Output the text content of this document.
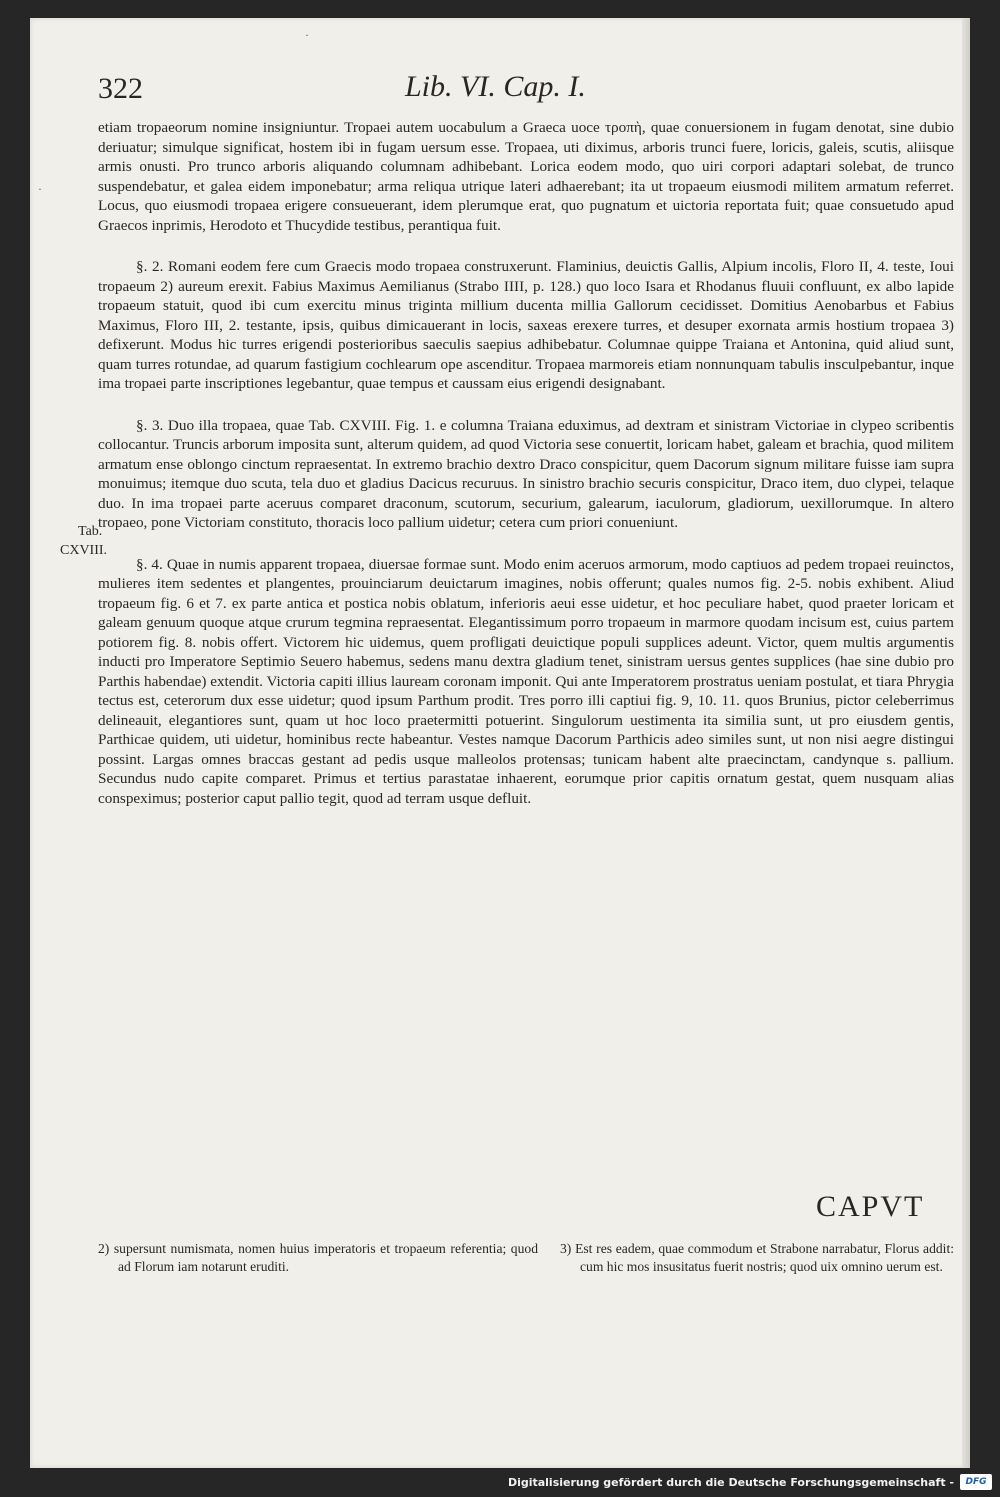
·
·
322	Lib. VI. Cap. I.
Tab.
CXVIII.

etiam tropaeorum nomine insigniuntur. Tropaei autem uocabulum a Graeca uoce τροπὴ, quae conuersionem in fugam denotat, sine dubio deriuatur; simulque significat, hostem ibi in fugam uersum esse. Tropaea, uti diximus, arboris trunci fuere, loricis, galeis, scutis, aliisque armis onusti. Pro trunco arboris aliquando columnam adhibebant. Lorica eodem modo, quo uiri corpori adaptari solebat, de trunco suspendebatur, et galea eidem imponebatur; arma reliqua utrique lateri adhaerebant; ita ut tropaeum eiusmodi militem armatum referret. Locus, quo eiusmodi tropaea erigere consueuerant, idem plerumque erat, quo pugnatum et uictoria reportata fuit; quae consuetudo apud Graecos inprimis, Herodoto et Thucydide testibus, perantiqua fuit.

§. 2. Romani eodem fere cum Graecis modo tropaea construxerunt. Flaminius, deuictis Gallis, Alpium incolis, Floro II, 4. teste, Ioui tropaeum 2) aureum erexit. Fabius Maximus Aemilianus (Strabo IIII, p. 128.) quo loco Isara et Rhodanus fluuii confluunt, ex albo lapide tropaeum statuit, quod ibi cum exercitu minus triginta millium ducenta millia Gallorum cecidisset. Domitius Aenobarbus et Fabius Maximus, Floro III, 2. testante, ipsis, quibus dimicauerant in locis, saxeas erexere turres, et desuper exornata armis hostium tropaea 3) defixerunt. Modus hic turres erigendi posterioribus saeculis saepius adhibebatur. Columnae quippe Traiana et Antonina, quid aliud sunt, quam turres rotundae, ad quarum fastigium cochlearum ope ascenditur. Tropaea marmoreis etiam nonnunquam tabulis insculpebantur, inque ima tropaei parte inscriptiones legebantur, quae tempus et caussam eius erigendi designabant.

§. 3. Duo illa tropaea, quae Tab. CXVIII. Fig. 1. e columna Traiana eduximus, ad dextram et sinistram Victoriae in clypeo scribentis collocantur. Truncis arborum imposita sunt, alterum quidem, ad quod Victoria sese conuertit, loricam habet, galeam et brachia, quod militem armatum ense oblongo cinctum repraesentat. In extremo brachio dextro Draco conspicitur, quem Dacorum signum militare fuisse iam supra monuimus; itemque duo scuta, tela duo et gladius Dacicus recuruus. In sinistro brachio securis conspicitur, Draco item, duo clypei, telaque duo. In ima tropaei parte aceruus comparet draconum, scutorum, securium, galearum, iaculorum, gladiorum, uexillorumque. In altero tropaeo, pone Victoriam constituto, thoracis loco pallium uidetur; cetera cum priori conueniunt.

§. 4. Quae in numis apparent tropaea, diuersae formae sunt. Modo enim aceruos armorum, modo captiuos ad pedem tropaei reuinctos, mulieres item sedentes et plangentes, prouinciarum deuictarum imagines, nobis offerunt; quales numos fig. 2-5. nobis exhibent. Aliud tropaeum fig. 6 et 7. ex parte antica et postica nobis oblatum, inferioris aeui esse uidetur, et hoc peculiare habet, quod praeter loricam et galeam genuum quoque atque crurum tegmina repraesentat. Elegantissimum porro tropaeum in marmore quodam incisum est, cuius partem potiorem fig. 8. nobis offert. Victorem hic uidemus, quem profligati deuictique populi supplices adeunt. Victor, quem multis argumentis inducti pro Imperatore Septimio Seuero habemus, sedens manu dextra gladium tenet, sinistram uersus gentes supplices (hae sine dubio pro Parthis habendae) extendit. Victoria capiti illius lauream coronam imponit. Qui ante Imperatorem prostratus ueniam postulat, et tiara Phrygia tectus est, ceterorum dux esse uidetur; quod ipsum Parthum prodit. Tres porro illi captiui fig. 9, 10. 11. quos Brunius, pictor celeberrimus delineauit, elegantiores sunt, quam ut hoc loco praetermitti potuerint. Singulorum uestimenta ita similia sunt, ut pro eiusdem gentis, Parthicae quidem, uti uidetur, hominibus recte habeantur. Vestes namque Dacorum Parthicis adeo similes sunt, ut non nisi aegre distingui possint. Largas omnes braccas gestant ad pedis usque malleolos protensas; tunicam habent alte praecinctam, candynque s. pallium. Secundus nudo capite comparet. Primus et tertius parastatae inhaerent, eorumque prior capitis ornatum gestat, quem nusquam alias conspeximus; posterior caput pallio tegit, quod ad terram usque defluit.

CAPVT

2) supersunt numismata, nomen huius imperatoris et tropaeum referentia; quod ad Florum iam notarunt eruditi.

3) Est res eadem, quae commodum et Strabone narrabatur, Florus addit: cum hic mos insusitatus fuerit nostris; quod uix omnino uerum est.

Digitalisierung gefördert durch die Deutsche Forschungsgemeinschaft -	DFG
